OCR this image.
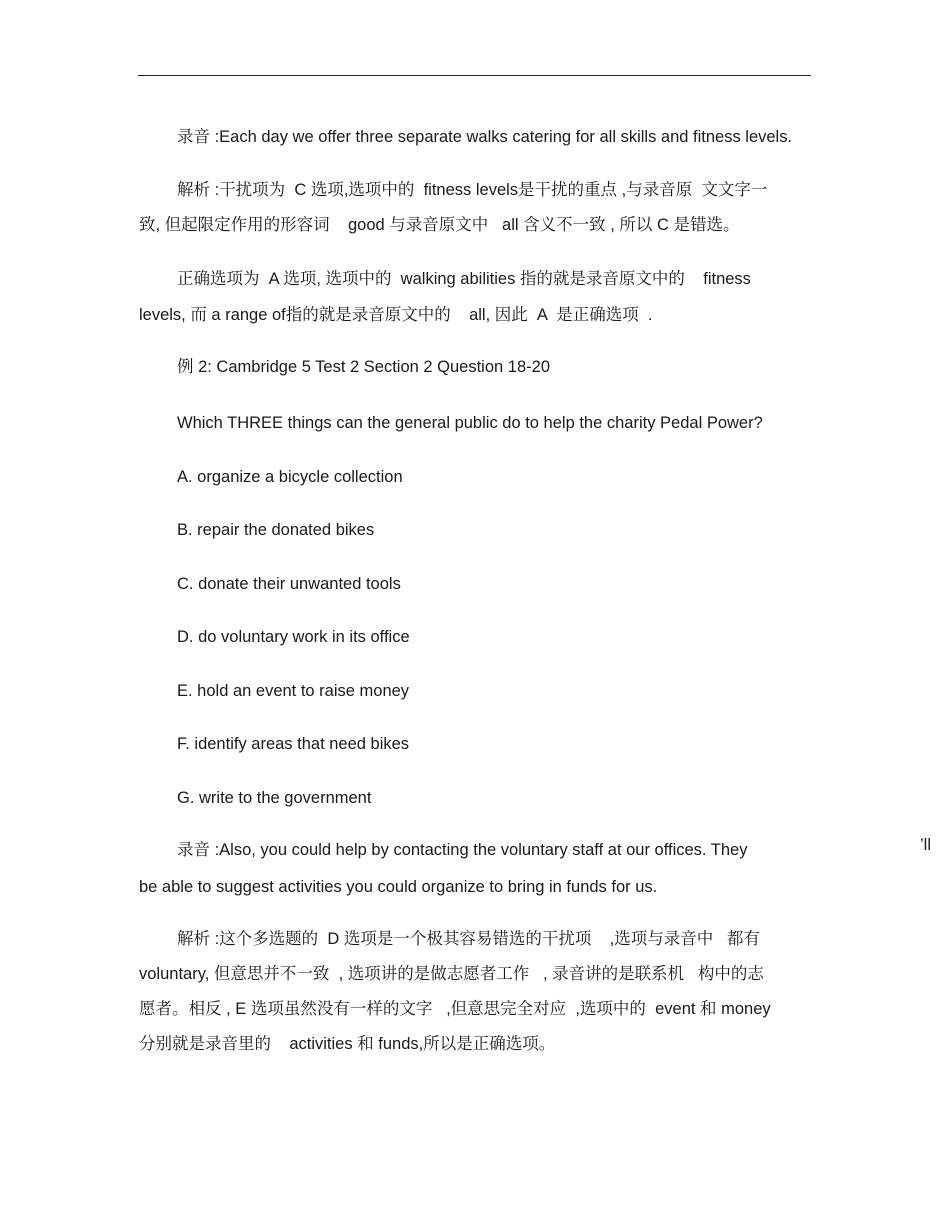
录音 :Each day we offer three separate walks catering for all skills and fitness levels.

解析 :干扰项为  C 选项,选项中的  fitness levels是干扰的重点 ,与录音原  文文字一

致, 但起限定作用的形容词    good 与录音原文中   all 含义不一致 , 所以 C 是错选。

正确选项为  A 选项, 选项中的  walking abilities 指的就是录音原文中的    fitness

levels, 而 a range of指的就是录音原文中的    all, 因此  A  是正确选项  .

例 2: Cambridge 5 Test 2 Section 2 Question 18-20

Which THREE things can the general public do to help the charity Pedal Power?

A. organize a bicycle collection

B. repair the donated bikes

C. donate their unwanted tools

D. do voluntary work in its office

E. hold an event to raise money

F. identify areas that need bikes

G. write to the government

录音 :Also, you could help by contacting the voluntary staff at our offices. They	’ll

be able to suggest activities you could organize to bring in funds for us.

解析 :这个多选题的  D 选项是一个极其容易错选的干扰项    ,选项与录音中   都有

voluntary, 但意思并不一致  , 选项讲的是做志愿者工作   , 录音讲的是联系机   构中的志

愿者。相反 , E 选项虽然没有一样的文字   ,但意思完全对应  ,选项中的  event 和 money

分别就是录音里的    activities 和 funds,所以是正确选项。
